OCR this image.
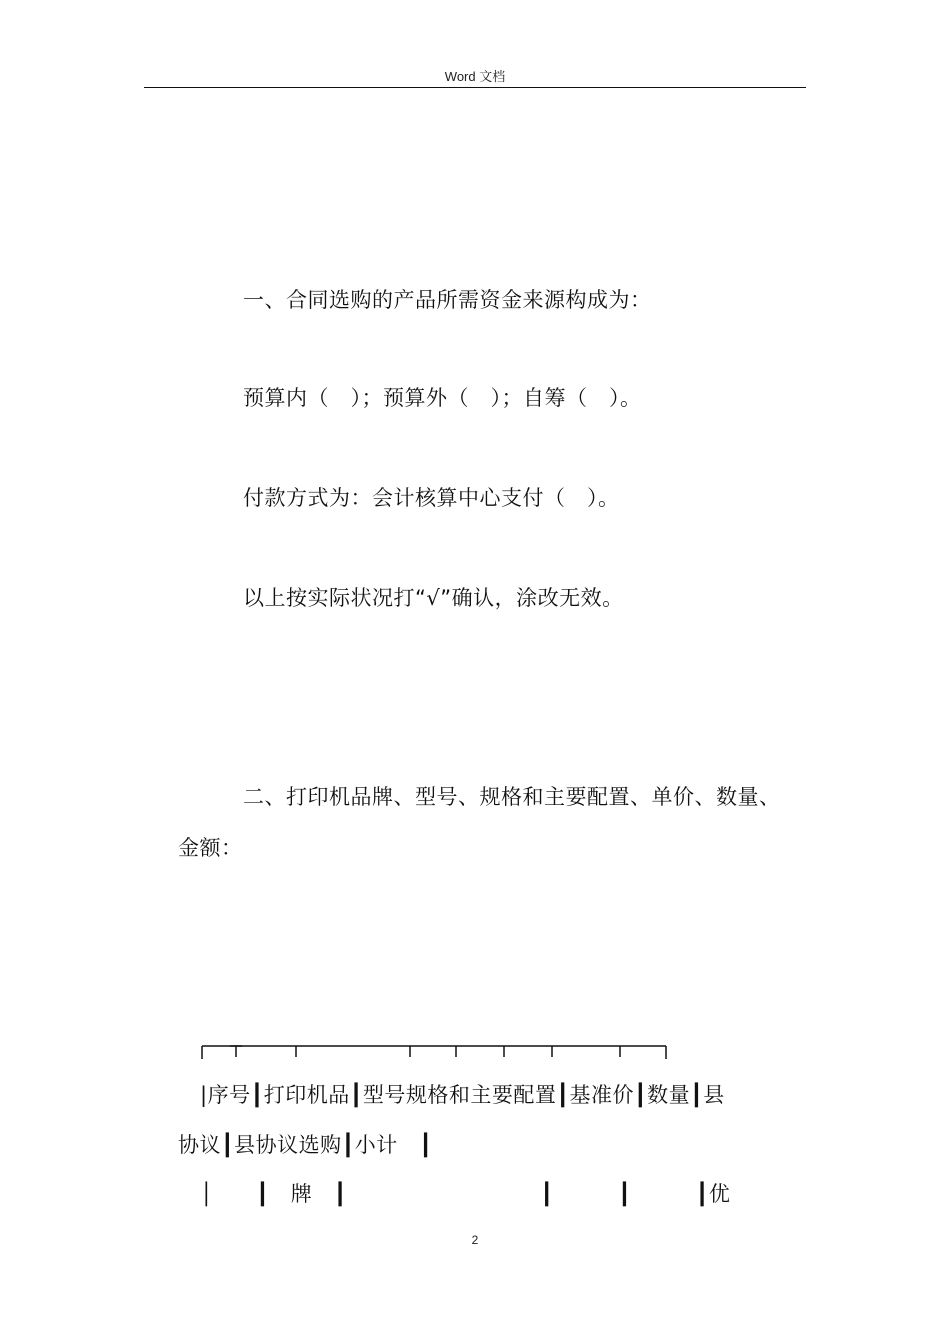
Word 文档
一、合同选购的产品所需资金来源构成为：
预算内（　）；预算外（　）；自筹（　）。
付款方式为：会计核算中心支付（　）。
以上按实际状况打“√”确认，涂改无效。
二、打印机品牌、型号、规格和主要配置、单价、数量、
金额：
|序号┃打印机品┃型号规格和主要配置┃基准价┃数量┃县
协议┃县协议选购┃小计　┃
│　　┃　牌　┃　　　　　　　　　┃　　　┃　　　┃优
2
